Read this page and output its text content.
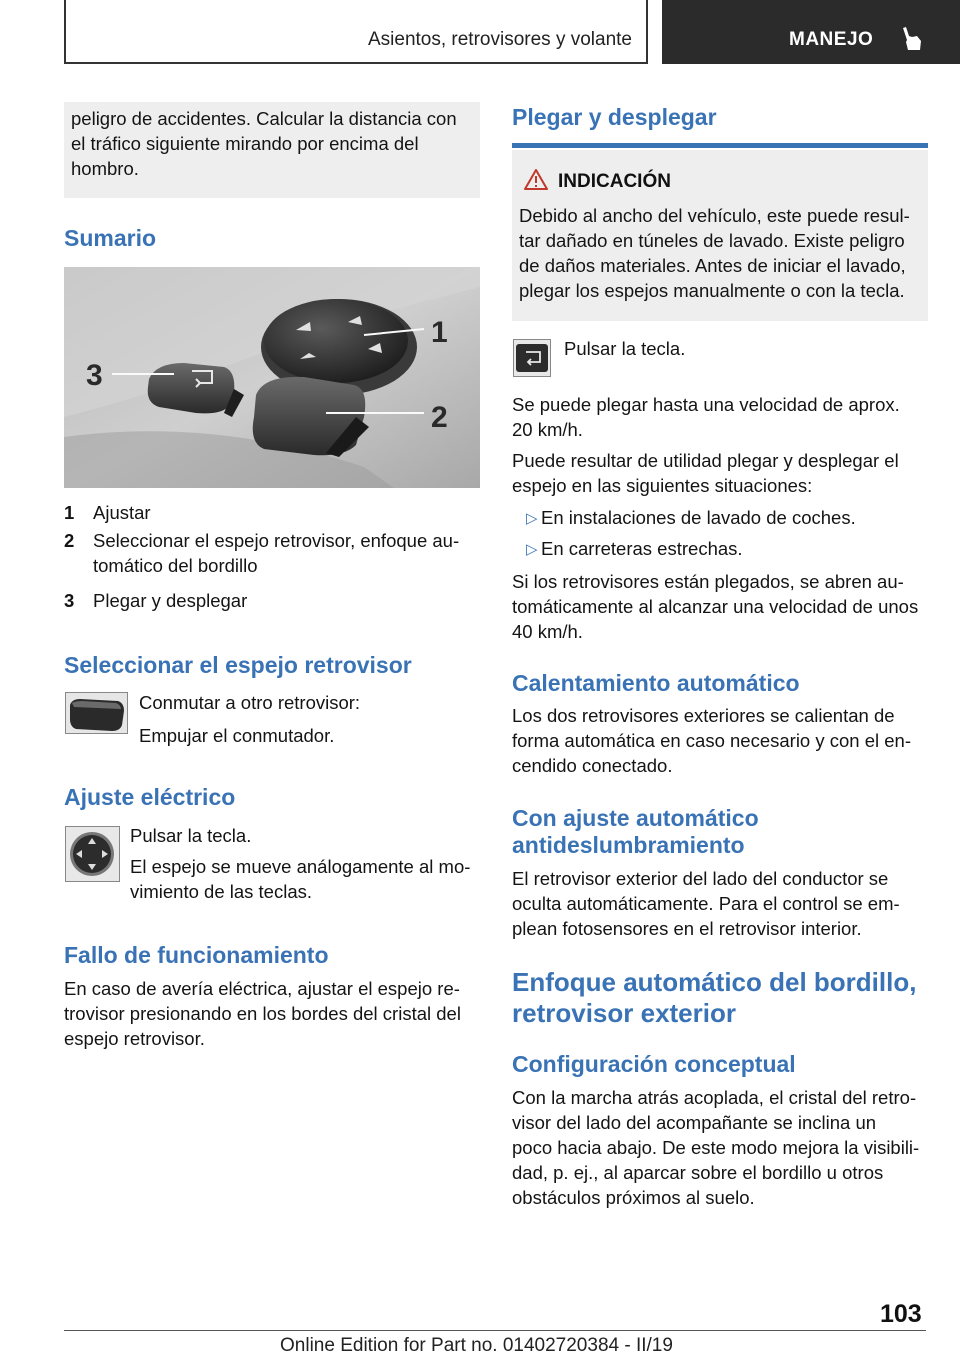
Asientos, retrovisores y volante	MANEJO
peligro de accidentes. Calcular la distancia con
el tráfico siguiente mirando por encima del
hombro.
Sumario
1
2
3
1 Ajustar
2 Seleccionar el espejo retrovisor, enfoque au-
tomático del bordillo
3 Plegar y desplegar
Seleccionar el espejo retrovisor
Conmutar a otro retrovisor:
Empujar el conmutador.
Ajuste eléctrico
Pulsar la tecla.
El espejo se mueve análogamente al mo-
vimiento de las teclas.
Fallo de funcionamiento
En caso de avería eléctrica, ajustar el espejo re-
trovisor presionando en los bordes del cristal del
espejo retrovisor.
Plegar y desplegar
INDICACIÓN
Debido al ancho del vehículo, este puede resul-
tar dañado en túneles de lavado. Existe peligro
de daños materiales. Antes de iniciar el lavado,
plegar los espejos manualmente o con la tecla.
Pulsar la tecla.
Se puede plegar hasta una velocidad de aprox.
20 km/h.
Puede resultar de utilidad plegar y desplegar el
espejo en las siguientes situaciones:
▷ En instalaciones de lavado de coches.
▷ En carreteras estrechas.
Si los retrovisores están plegados, se abren au-
tomáticamente al alcanzar una velocidad de unos
40 km/h.
Calentamiento automático
Los dos retrovisores exteriores se calientan de
forma automática en caso necesario y con el en-
cendido conectado.
Con ajuste automático
antideslumbramiento
El retrovisor exterior del lado del conductor se
oculta automáticamente. Para el control se em-
plean fotosensores en el retrovisor interior.
Enfoque automático del bordillo,
retrovisor exterior
Configuración conceptual
Con la marcha atrás acoplada, el cristal del retro-
visor del lado del acompañante se inclina un
poco hacia abajo. De este modo mejora la visibili-
dad, p. ej., al aparcar sobre el bordillo u otros
obstáculos próximos al suelo.
103
Online Edition for Part no. 01402720384 - II/19
